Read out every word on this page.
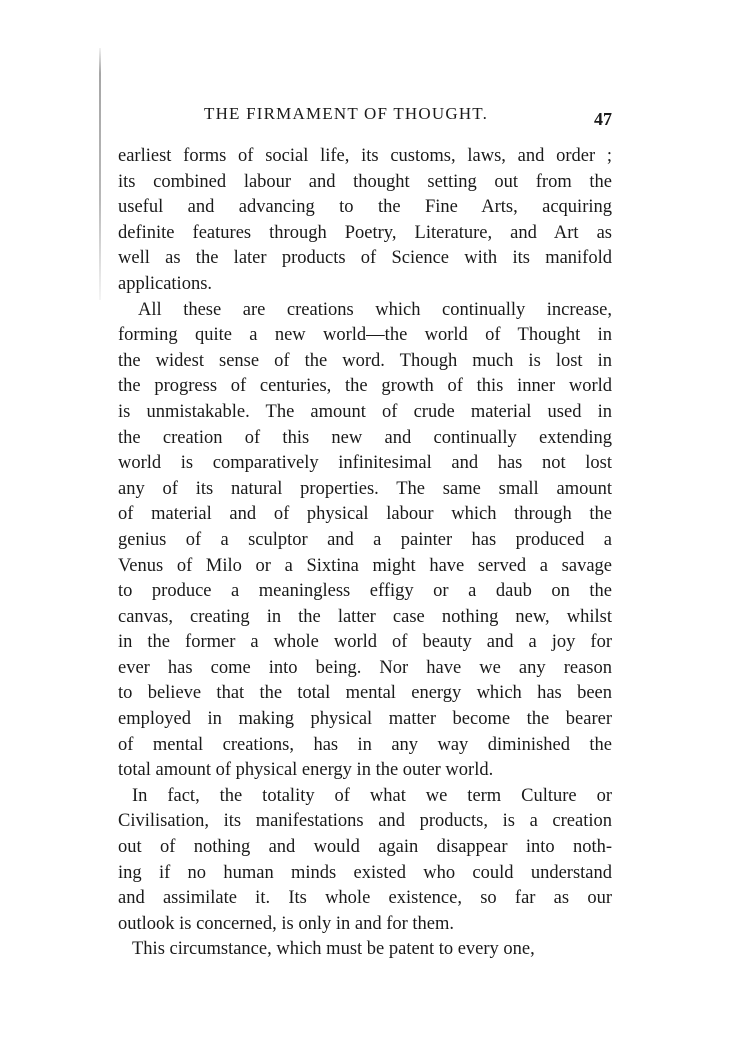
THE FIRMAMENT OF THOUGHT.	47
earliest forms of social life, its customs, laws, and order ;
its combined labour and thought setting out from the
useful and advancing to the Fine Arts, acquiring
definite features through Poetry, Literature, and Art as
well as the later products of Science with its manifold
applications.
All these are creations which continually increase,
forming quite a new world—the world of Thought in
the widest sense of the word. Though much is lost in
the progress of centuries, the growth of this inner world
is unmistakable. The amount of crude material used in
the creation of this new and continually extending
world is comparatively infinitesimal and has not lost
any of its natural properties. The same small amount
of material and of physical labour which through the
genius of a sculptor and a painter has produced a
Venus of Milo or a Sixtina might have served a savage
to produce a meaningless effigy or a daub on the
canvas, creating in the latter case nothing new, whilst
in the former a whole world of beauty and a joy for
ever has come into being. Nor have we any reason
to believe that the total mental energy which has been
employed in making physical matter become the bearer
of mental creations, has in any way diminished the
total amount of physical energy in the outer world.
In fact, the totality of what we term Culture or
Civilisation, its manifestations and products, is a creation
out of nothing and would again disappear into noth-
ing if no human minds existed who could understand
and assimilate it. Its whole existence, so far as our
outlook is concerned, is only in and for them.
This circumstance, which must be patent to every one,
